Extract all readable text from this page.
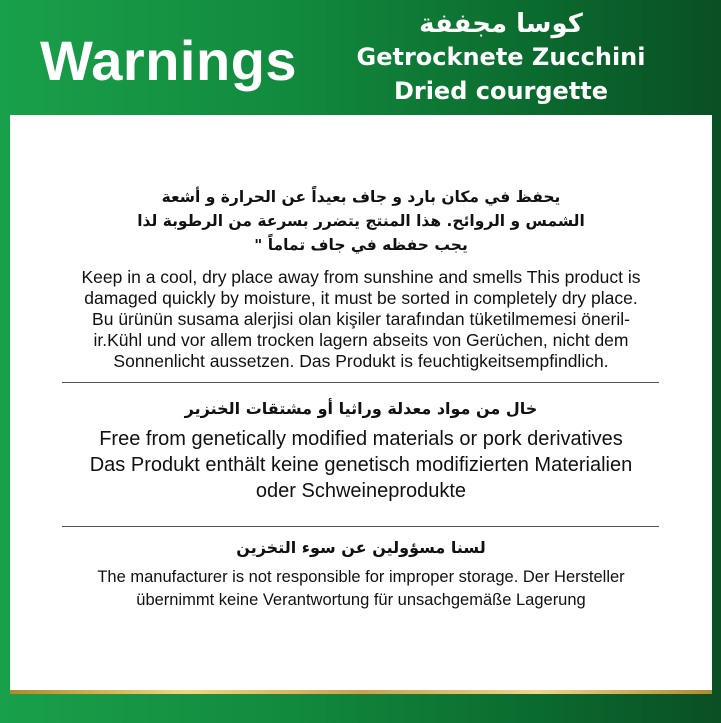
Warnings
كوسا مجففة
Getrocknete Zucchini
Dried courgette
يحفظ في مكان بارد و جاف بعيداً عن الحرارة و أشعة الشمس و الروائح. هذا المنتج يتضرر بسرعة من الرطوبة لذا يجب حفظه في جاف تماماً "
Keep in a cool, dry place away from sunshine and smells This product is
damaged quickly by moisture, it must be sorted in completely dry place.
Bu ürünün susama alerjisi olan kişiler tarafından tüketilmemesi öneril-
ir.Kühl und vor allem trocken lagern abseits von Gerüchen, nicht dem
Sonnenlicht aussetzen. Das Produkt is feuchtigkeitsempfindlich.
خال من مواد معدلة وراثيا أو مشتقات الخنزير
Free from genetically modified materials or pork derivatives
Das Produkt enthält keine genetisch modifizierten Materialien
oder Schweineprodukte
لسنا مسؤولين عن سوء التخزين
The manufacturer is not responsible for improper storage. Der Hersteller
übernimmt keine Verantwortung für unsachgemäße Lagerung
